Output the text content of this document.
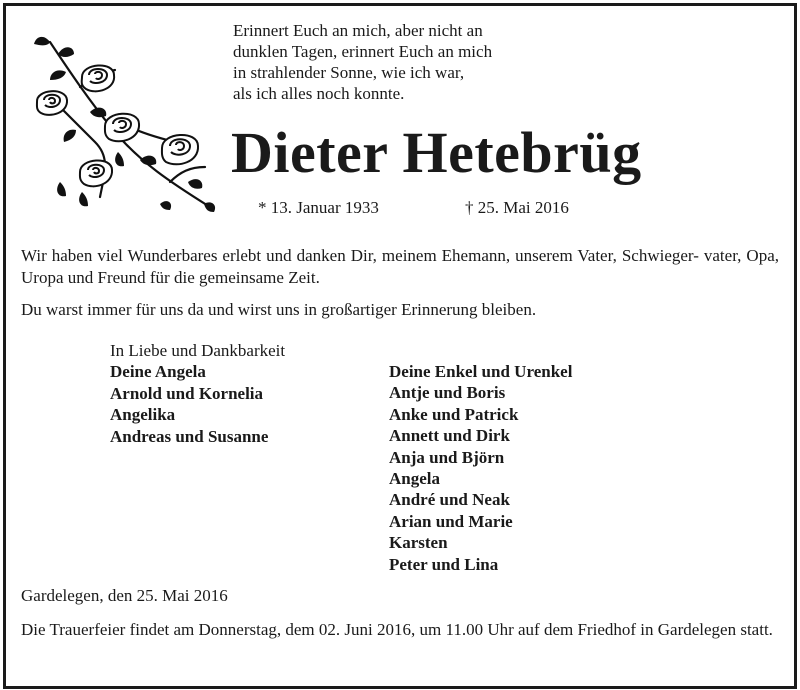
Erinnert Euch an mich, aber nicht an
dunklen Tagen, erinnert Euch an mich
in strahlender Sonne, wie ich war,
als ich alles noch konnte.
Dieter Hetebrüg
* 13. Januar 1933	† 25. Mai 2016
Wir haben viel Wunderbares erlebt und danken Dir, meinem Ehemann, unserem Vater, Schwieger- vater, Opa, Uropa und Freund für die gemeinsame Zeit.
Du warst immer für uns da und wirst uns in großartiger Erinnerung bleiben.
In Liebe und Dankbarkeit
Deine Angela
Arnold und Kornelia
Angelika
Andreas und Susanne
Deine Enkel und Urenkel
Antje und Boris
Anke und Patrick
Annett und Dirk
Anja und Björn
Angela
André und Neak
Arian und Marie
Karsten
Peter und Lina
Gardelegen, den 25. Mai 2016
Die Trauerfeier findet am Donnerstag, dem 02. Juni 2016, um 11.00 Uhr auf dem Friedhof in Gardelegen statt.
